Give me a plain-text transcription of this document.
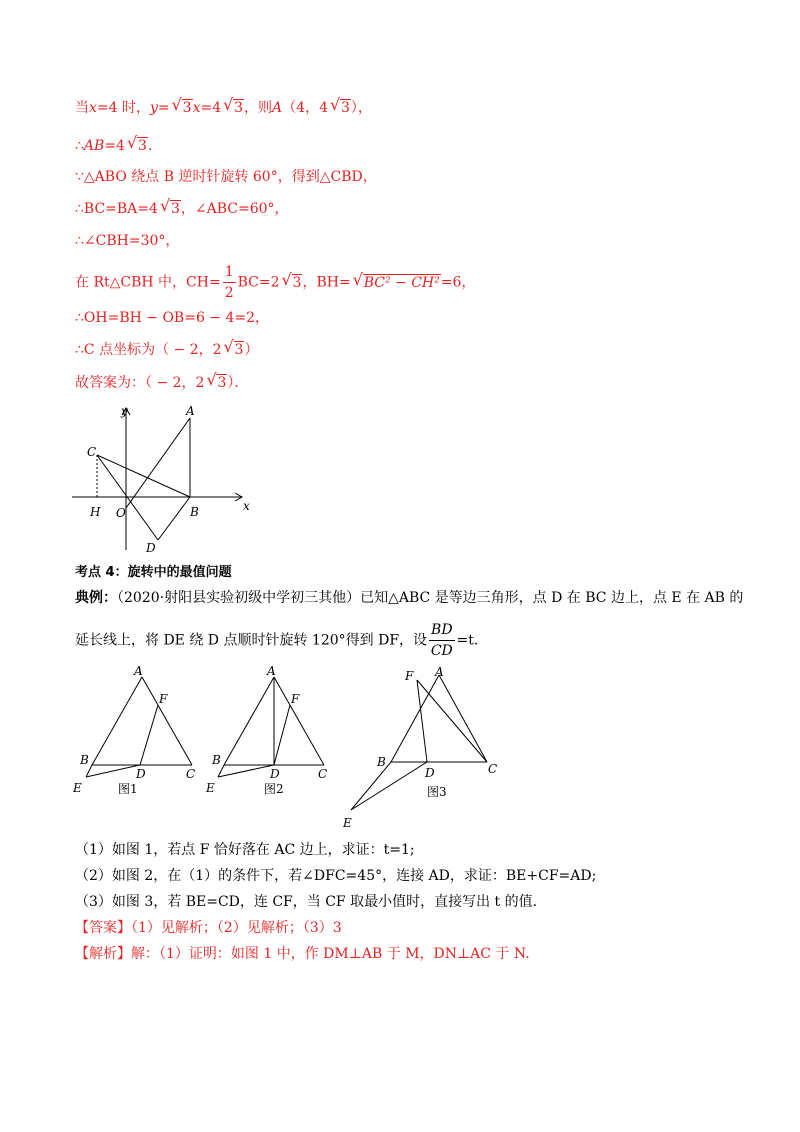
当x=4 时，y=√ 3x=4√ 3，则A（4，4√ 3），
∴AB=4√ 3．
∵△ABO 绕点 B 逆时针旋转 60°，得到△CBD，
∴BC=BA=4√ 3，∠ABC=60°，
∴∠CBH=30°，
在 Rt△CBH 中，$CH= \frac{1}{2} BC=2√$ 3，BH=√ BC² − CH²=6，
∴OH=BH − OB=6 − 4=2，
∴C 点坐标为（ − 2，2√ 3）
故答案为：（ − 2，2√ 3）．
y
x
A
C
H O	B
D
考点 4：旋转中的最值问题
典例：（2020·射阳县实验初级中学初三其他）已知△ABC 是等边三角形，点 D 在 BC 边上，点 E 在 AB 的
延长线上，将 DE 绕 D 点顺时针旋转 120°得到 DF，设 $\frac{BD}{CD} =t$.
A
F
B
D	C
E	图1
A
F
B
D	C
E	图2
A
F
B
D	C
E
图3
（1）如图 1，若点 F 恰好落在 AC 边上，求证：t=1;
（2）如图 2，在（1）的条件下，若∠DFC=45°，连接 AD，求证：BE+CF=AD;
（3）如图 3，若 BE=CD，连 CF，当 CF 取最小值时，直接写出 t 的值.
【答案】（1）见解析；（2）见解析；（3）3
【解析】解：（1）证明：如图 1 中，作 DM⊥AB 于 M，DN⊥AC 于 N.
